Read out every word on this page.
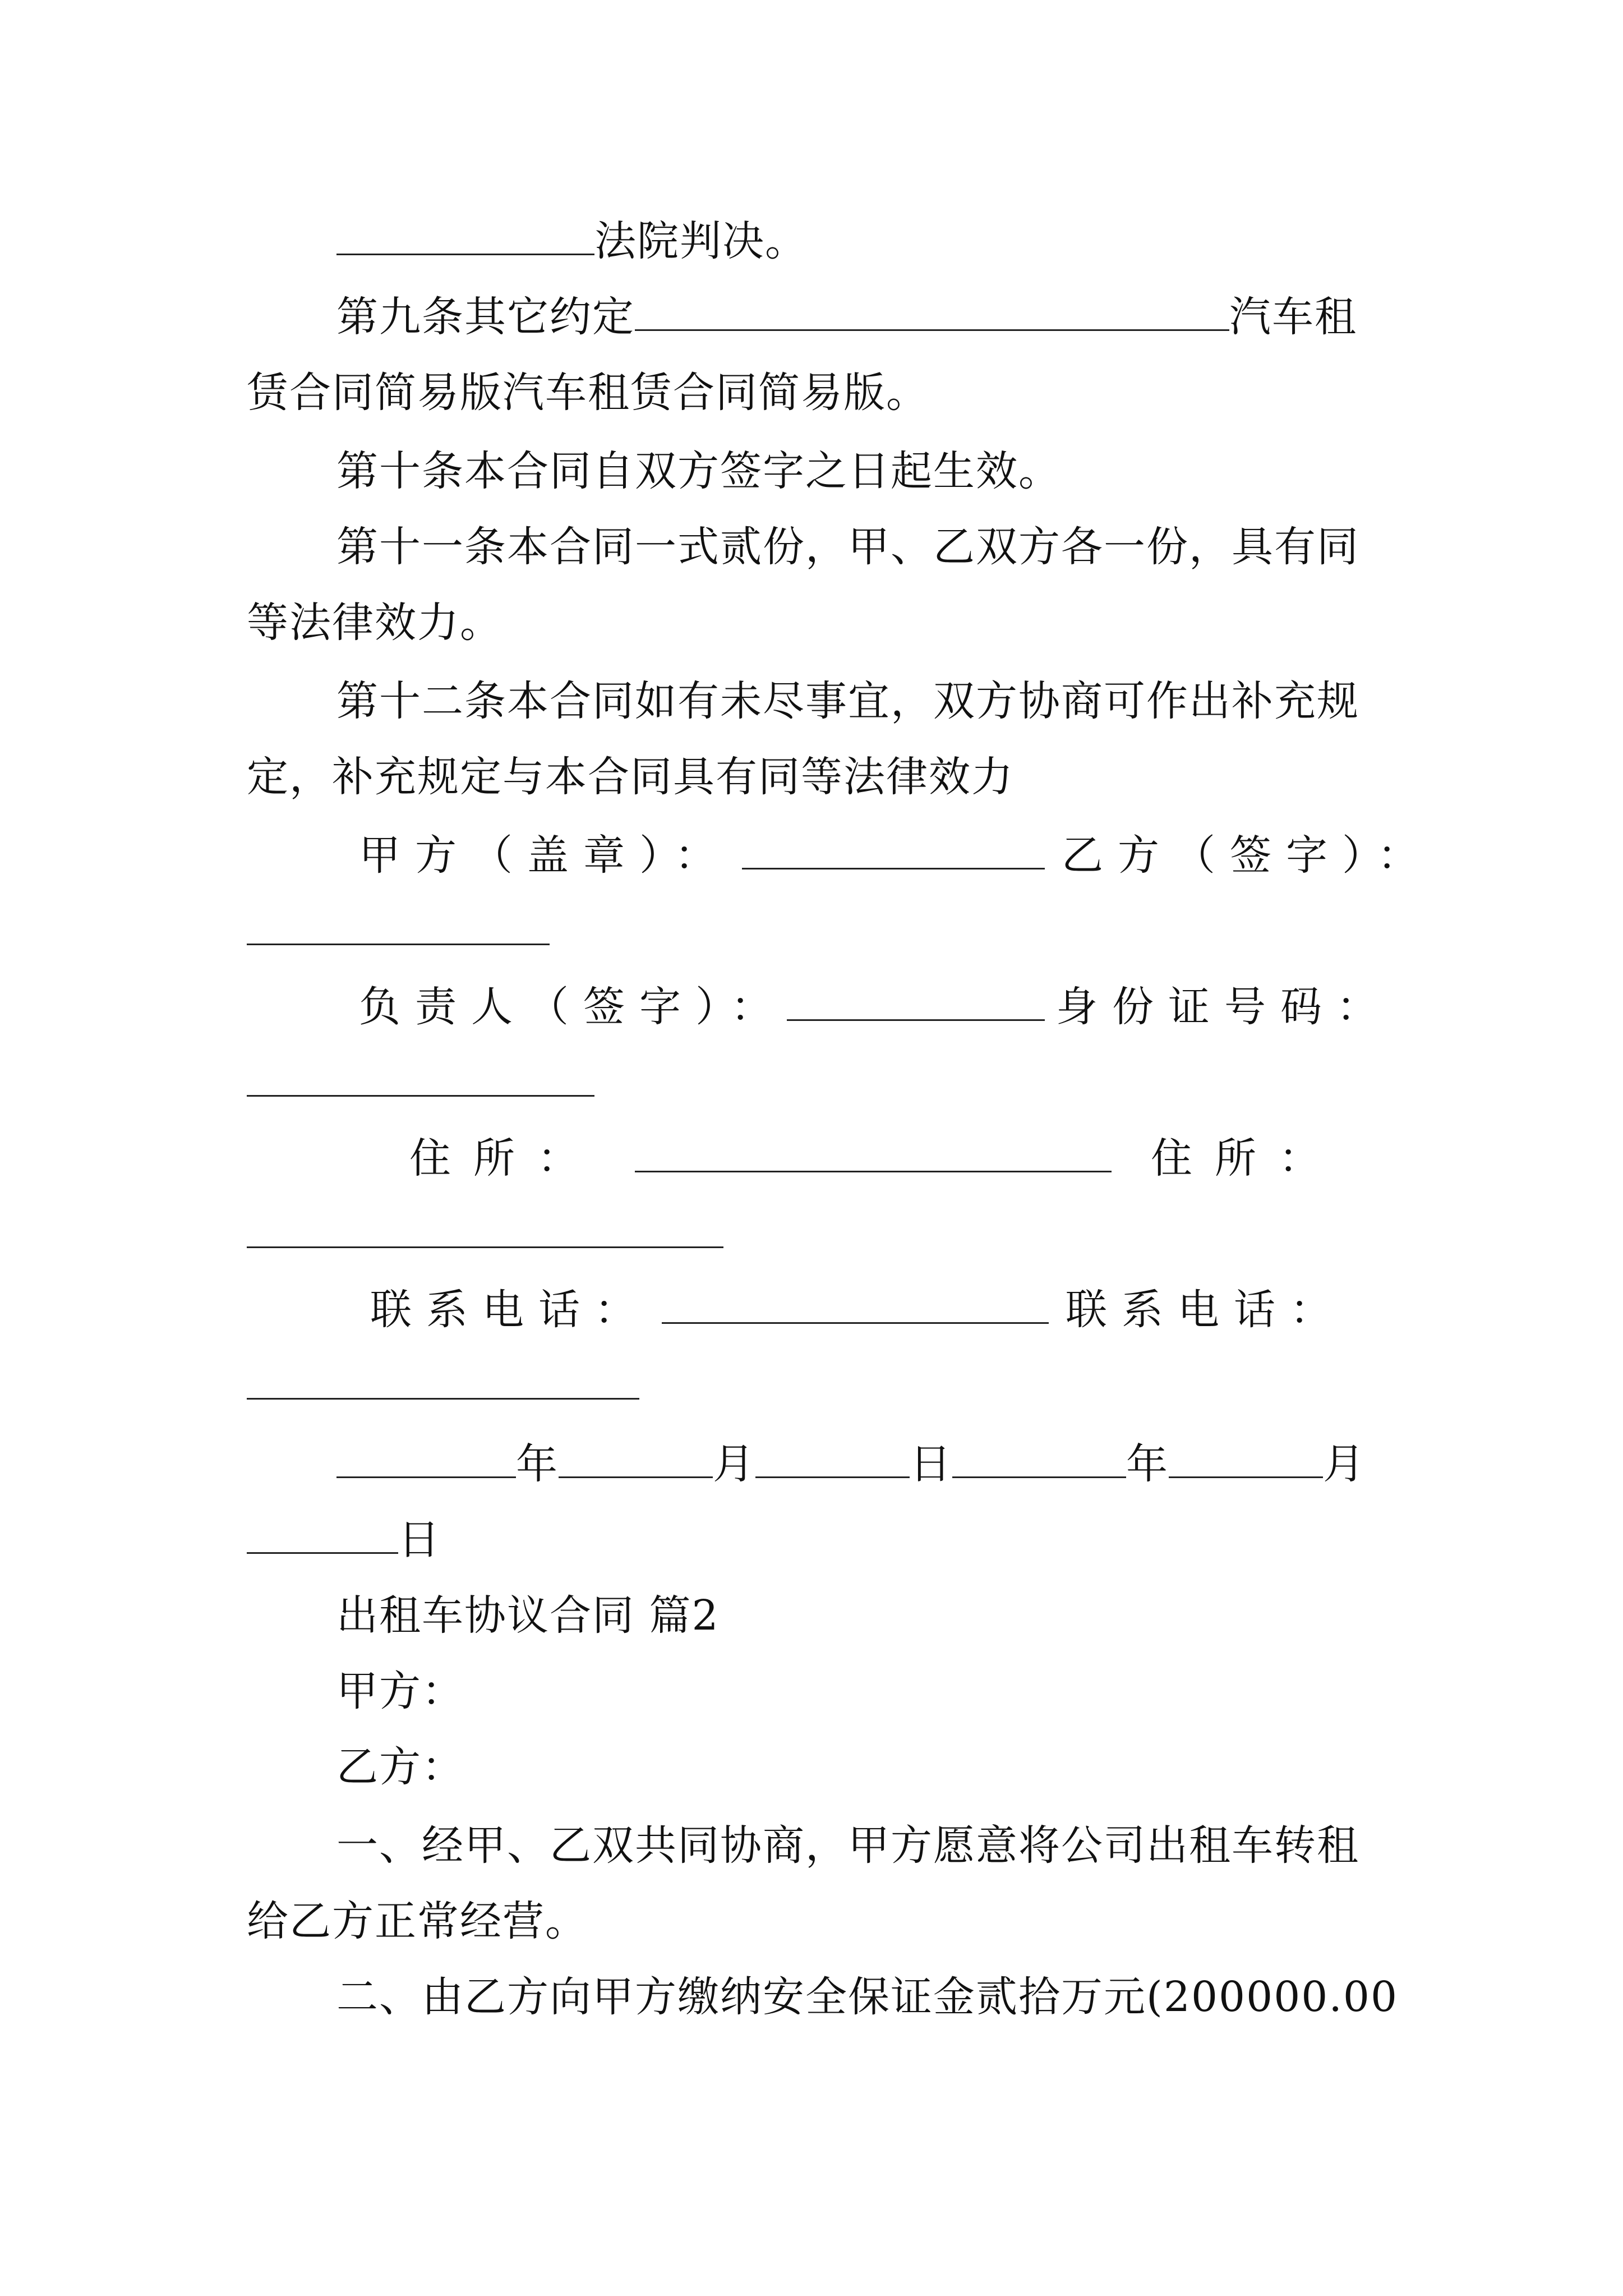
法院判决。
第九条其它约定	汽车租
赁合同简易版汽车租赁合同简易版。
第十条本合同自双方签字之日起生效。
第十一条本合同一式贰份，甲、乙双方各一份，具有同
等法律效力。
第十二条本合同如有未尽事宜，双方协商可作出补充规
定，补充规定与本合同具有同等法律效力
甲方（盖章）：	乙方（签字）：
负责人（签字）：	身份证号码：
住所：	住所：
联系电话：	联系电话：
年	月	日	年	月
日
出租车协议合同 篇2
甲方：
乙方：
一、经甲、乙双共同协商，甲方愿意将公司出租车转租
给乙方正常经营。
二、由乙方向甲方缴纳安全保证金贰拾万元(200000.00
